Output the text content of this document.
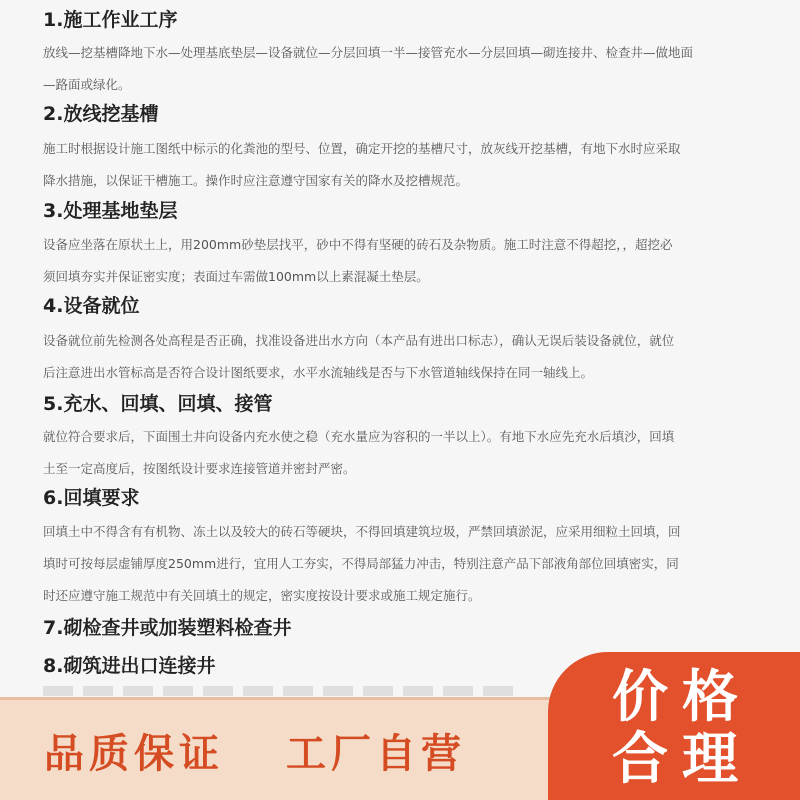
1.施工作业工序
放线—挖基槽降地下水—处理基底垫层—设备就位—分层回填一半—接管充水—分层回填—砌连接井、检查井—做地面
—路面或绿化。
2.放线挖基槽
施工时根据设计施工图纸中标示的化粪池的型号、位置，确定开挖的基槽尺寸，放灰线开挖基槽，有地下水时应采取
降水措施，以保证干槽施工。操作时应注意遵守国家有关的降水及挖槽规范。
3.处理基地垫层
设备应坐落在原状土上，用200mm砂垫层找平，砂中不得有坚硬的砖石及杂物质。施工时注意不得超挖，，超挖必
须回填夯实并保证密实度；表面过车需做100mm以上素混凝土垫层。
4.设备就位
设备就位前先检测各处高程是否正确，找准设备进出水方向（本产品有进出口标志），确认无误后装设备就位，就位
后注意进出水管标高是否符合设计图纸要求，水平水流轴线是否与下水管道轴线保持在同一轴线上。
5.充水、回填、回填、接管
就位符合要求后，下面围土井向设备内充水使之稳（充水量应为容积的一半以上）。有地下水应先充水后填沙，回填
土至一定高度后，按图纸设计要求连接管道并密封严密。
6.回填要求
回填土中不得含有有机物、冻土以及较大的砖石等硬块，不得回填建筑垃圾，严禁回填淤泥，应采用细粒土回填，回
填时可按每层虚铺厚度250mm进行，宜用人工夯实，不得局部猛力冲击，特别注意产品下部液角部位回填密实，同
时还应遵守施工规范中有关回填土的规定，密实度按设计要求或施工规定施行。
7.砌检查井或加装塑料检查井
8.砌筑进出口连接井
品质保证 工厂自营
价格
合理
